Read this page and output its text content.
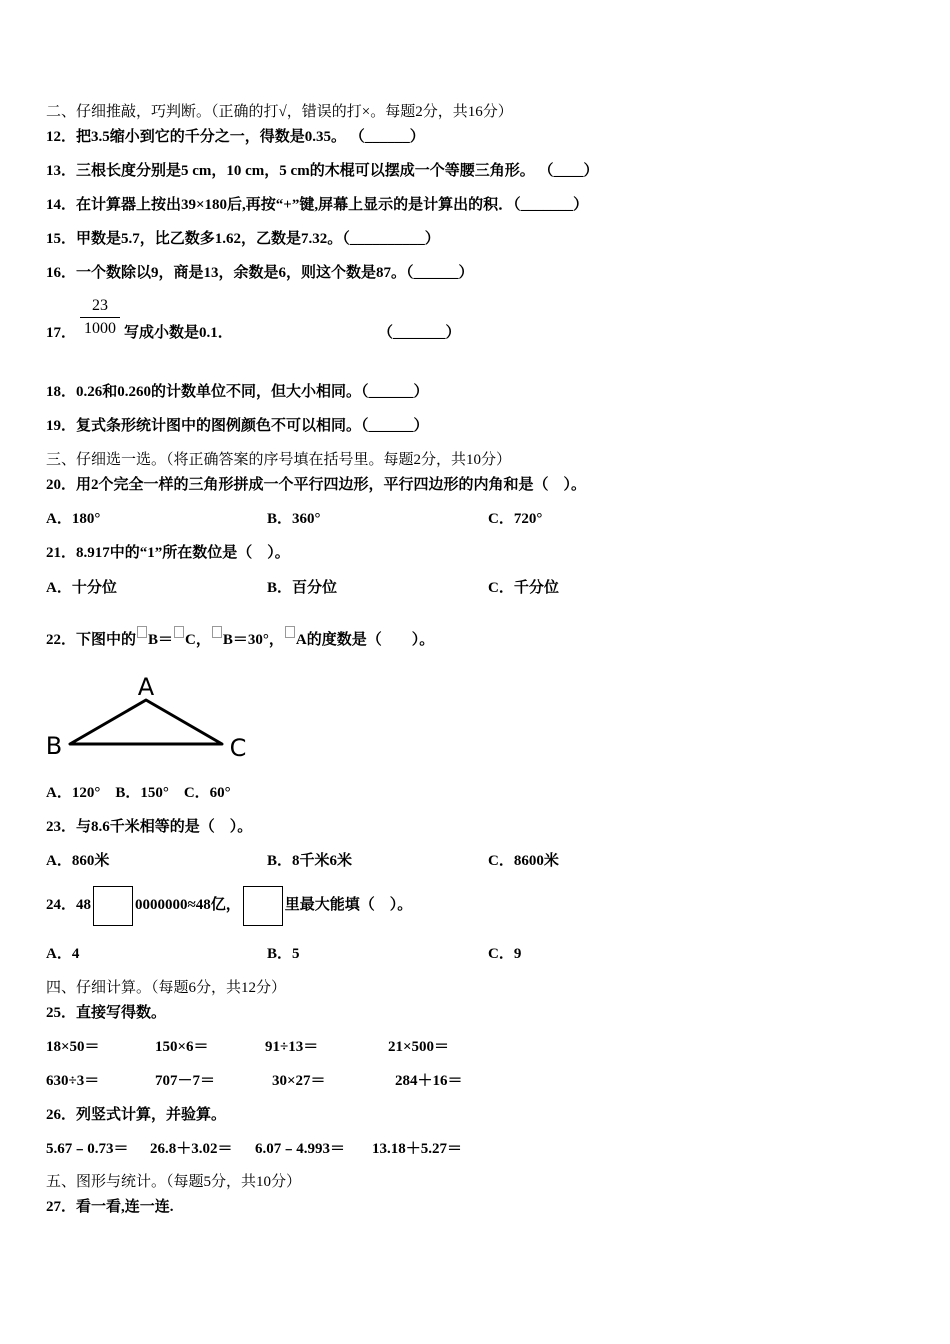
二、仔细推敲，巧判断。（正确的打√，错误的打×。每题2分，共16分）
12．把3.5缩小到它的千分之一，得数是0.35。 （______）
13．三根长度分别是5 cm，10 cm，5 cm的木棍可以摆成一个等腰三角形。 （____）
14．在计算器上按出39×180后,再按“+”键,屏幕上显示的是计算出的积．（_______）
15．甲数是5.7，比乙数多1.62，乙数是7.32。（__________）
16．一个数除以9，商是13，余数是6，则这个数是87。（______）
17．
23
1000 写成小数是0.1．	（_______）
18．0.26和0.260的计数单位不同，但大小相同。（______）
19．复式条形统计图中的图例颜色不可以相同。（______）
三、仔细选一选。（将正确答案的序号填在括号里。每题2分，共10分）
20．用2个完全一样的三角形拼成一个平行四边形，平行四边形的内角和是（　）。
A．180°	B．360°	C．720°
21．8.917中的“1”所在数位是（　）。
A．十分位	B．百分位	C．千分位
22．下图中的 B＝ C， B＝30°， A的度数是（　　）。
A
B	C
A．120°　B．150°　C．60°
23．与8.6千米相等的是（　）。
A．860米	B．8千米6米	C．8600米
24．48	0000000≈48亿，	里最大能填（　）。
A．4	B．5	C．9
四、仔细计算。（每题6分，共12分）
25．直接写得数。
18×50＝	150×6＝	91÷13＝	21×500＝
630÷3＝	707－7＝	30×27＝	284＋16＝
26．列竖式计算，并验算。
5.67﹣0.73＝ 26.8＋3.02＝ 6.07﹣4.993＝ 13.18＋5.27＝
五、图形与统计。（每题5分，共10分）
27．看一看,连一连.
